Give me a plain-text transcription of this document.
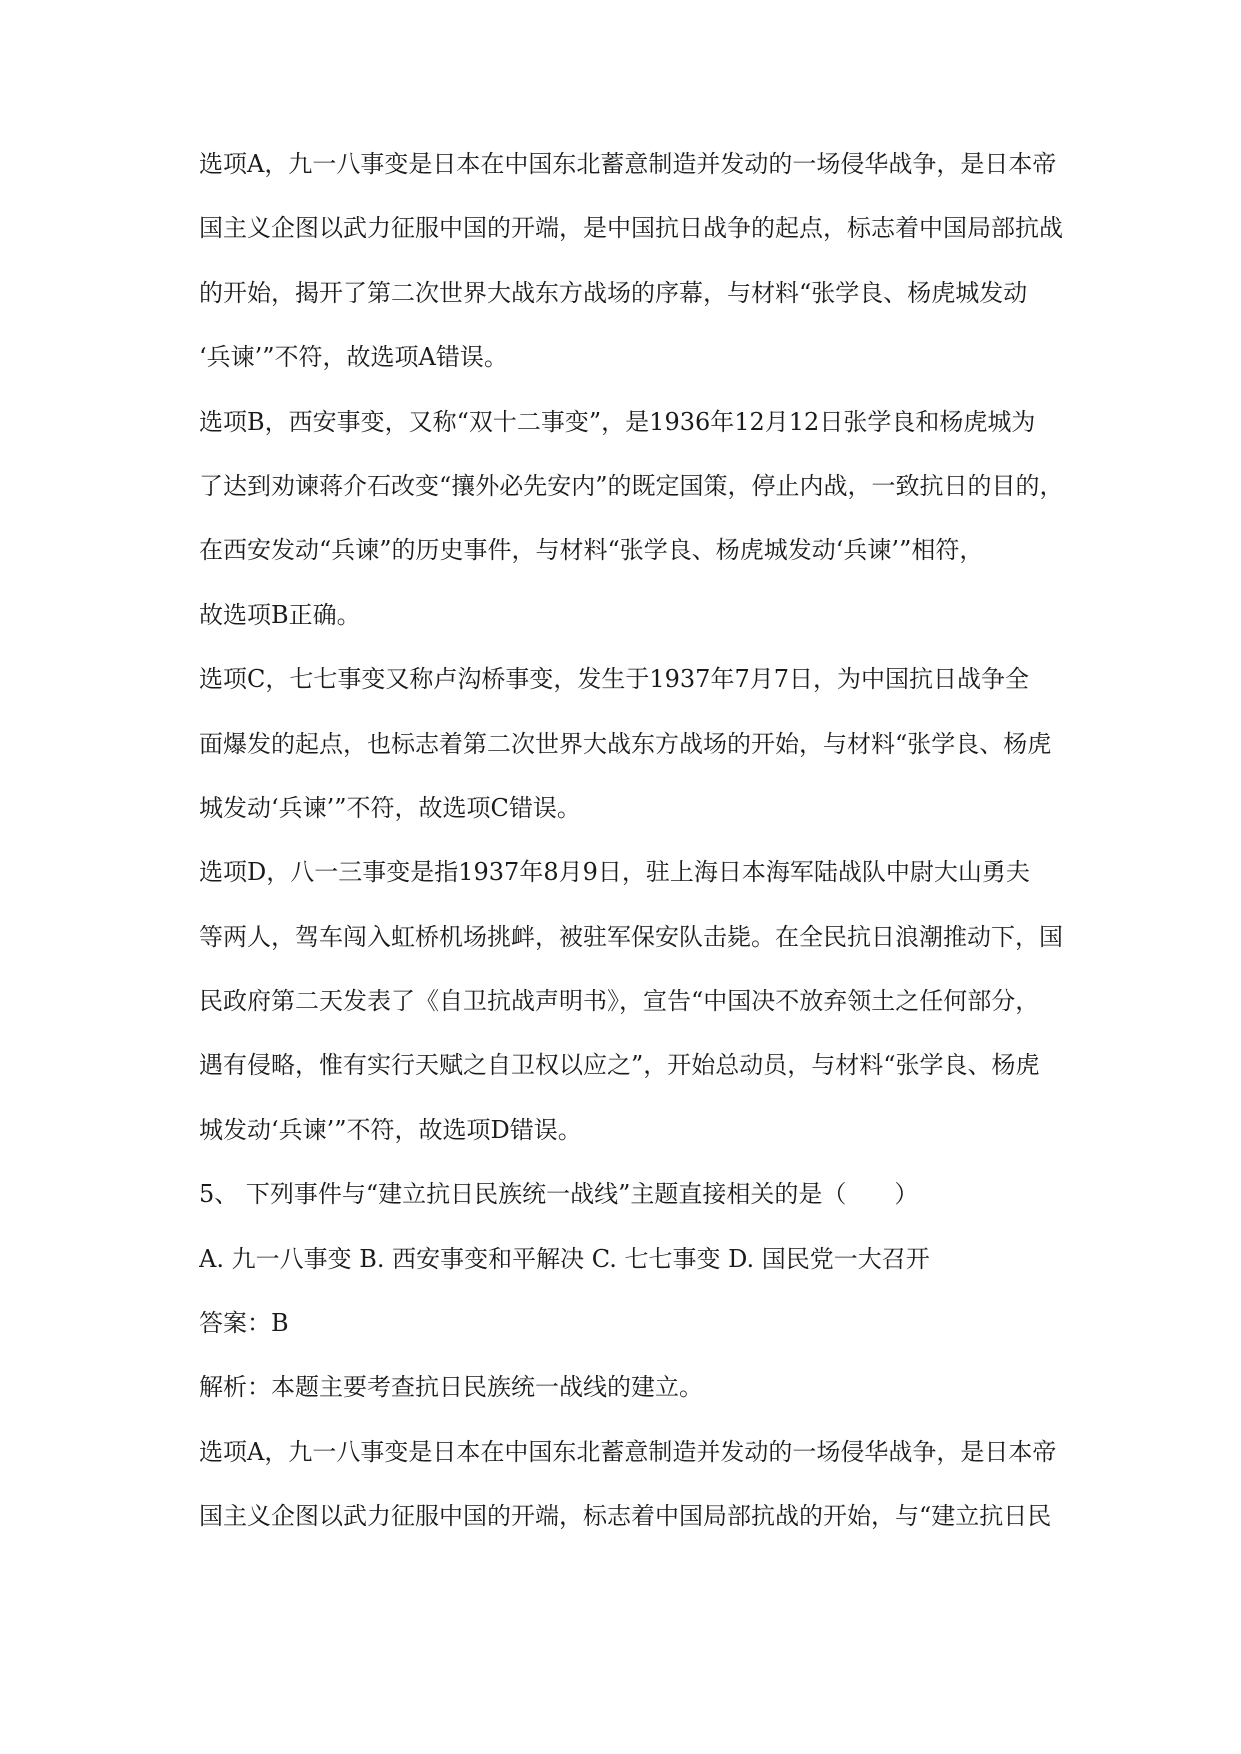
选项A，九一八事变是日本在中国东北蓄意制造并发动的一场侵华战争，是日本帝
国主义企图以武力征服中国的开端，是中国抗日战争的起点，标志着中国局部抗战
的开始，揭开了第二次世界大战东方战场的序幕，与材料“张学良、杨虎城发动
‘兵谏’”不符，故选项A错误。
选项B，西安事变，又称“双十二事变”，是1936年12月12日张学良和杨虎城为
了达到劝谏蒋介石改变“攘外必先安内”的既定国策，停止内战，一致抗日的目的，
在西安发动“兵谏”的历史事件，与材料“张学良、杨虎城发动‘兵谏’”相符，
故选项B正确。
选项C，七七事变又称卢沟桥事变，发生于1937年7月7日，为中国抗日战争全
面爆发的起点，也标志着第二次世界大战东方战场的开始，与材料“张学良、杨虎
城发动‘兵谏’”不符，故选项C错误。
选项D，八一三事变是指1937年8月9日，驻上海日本海军陆战队中尉大山勇夫
等两人，驾车闯入虹桥机场挑衅，被驻军保安队击毙。在全民抗日浪潮推动下，国
民政府第二天发表了《自卫抗战声明书》，宣告“中国决不放弃领土之任何部分，
遇有侵略，惟有实行天赋之自卫权以应之”，开始总动员，与材料“张学良、杨虎
城发动‘兵谏’”不符，故选项D错误。
5、 下列事件与“建立抗日民族统一战线”主题直接相关的是（　　）
A. 九一八事变 B. 西安事变和平解决 C. 七七事变 D. 国民党一大召开
答案：B
解析：本题主要考查抗日民族统一战线的建立。
选项A，九一八事变是日本在中国东北蓄意制造并发动的一场侵华战争，是日本帝
国主义企图以武力征服中国的开端，标志着中国局部抗战的开始，与“建立抗日民
